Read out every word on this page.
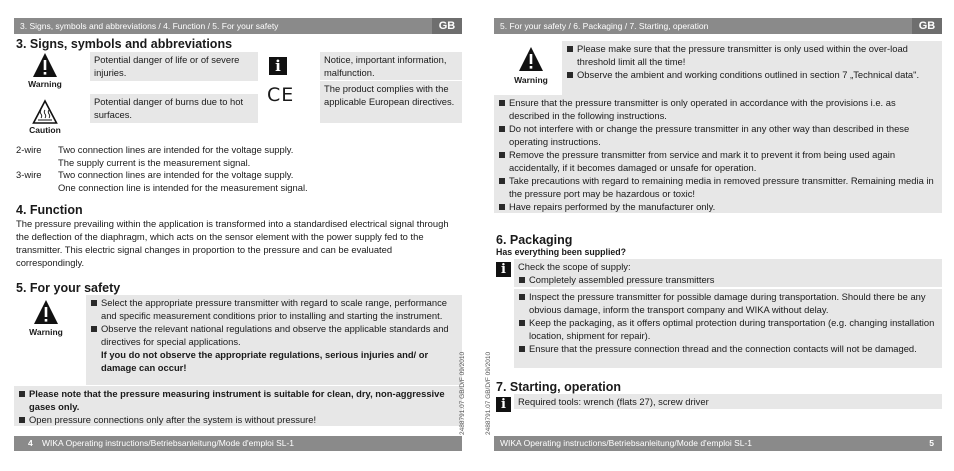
3. Signs, symbols and abbreviations / 4. Function / 5. For your safety	GB
3. Signs, symbols and abbreviations
Warning
Potential danger of life or of severe injuries.
Caution
Potential danger of burns due to hot surfaces.
i	Notice, important information, malfunction.
CE	The product complies with the applicable European directives.
2-wire Two connection lines are intended for the voltage supply.
The supply current is the measurement signal.
3-wire Two connection lines are intended for the voltage supply.
One connection line is intended for the measurement signal.
4. Function
The pressure prevailing within the application is transformed into a standardised electrical signal through the deflection of the diaphragm, which acts on the sensor element with the power supply fed to the transmitter. This electric signal changes in proportion to the pressure and can be evaluated correspondingly.
5. For your safety
Warning
Select the appropriate pressure transmitter with regard to scale range, performance and specific measurement conditions prior to installing and starting the instrument.
Observe the relevant national regulations and observe the applicable standards and directives for special applications.
If you do not observe the appropriate regulations, serious injuries and/ or damage can occur!
Please note that the pressure measuring instrument is suitable for clean, dry, non-aggressive gases only.
Open pressure connections only after the system is without pressure!
4 WIKA Operating instructions/Betriebsanleitung/Mode d'emploi SL-1
2488791.07 GB/D/F 09/2010	2488791.07 GB/D/F 09/2010
5. For your safety / 6. Packaging / 7. Starting, operation	GB
Warning
Please make sure that the pressure transmitter is only used within the over-load threshold limit all the time!
Observe the ambient and working conditions outlined in section 7 „Technical data".
Ensure that the pressure transmitter is only operated in accordance with the provisions i.e. as described in the following instructions.
Do not interfere with or change the pressure transmitter in any other way than described in these operating instructions.
Remove the pressure transmitter from service and mark it to prevent it from being used again accidentally, if it becomes damaged or unsafe for operation.
Take precautions with regard to remaining media in removed pressure transmitter. Remaining media in the pressure port may be hazardous or toxic!
Have repairs performed by the manufacturer only.
6. Packaging
Has everything been supplied?
i	Check the scope of supply:
Completely assembled pressure transmitters
Inspect the pressure transmitter for possible damage during transportation. Should there be any obvious damage, inform the transport company and WIKA without delay.
Keep the packaging, as it offers optimal protection during transportation (e.g. changing installation location, shipment for repair).
Ensure that the pressure connection thread and the connection contacts will not be damaged.
7. Starting, operation
i	Required tools: wrench (flats 27), screw driver
WIKA Operating instructions/Betriebsanleitung/Mode d'emploi SL-1	5
